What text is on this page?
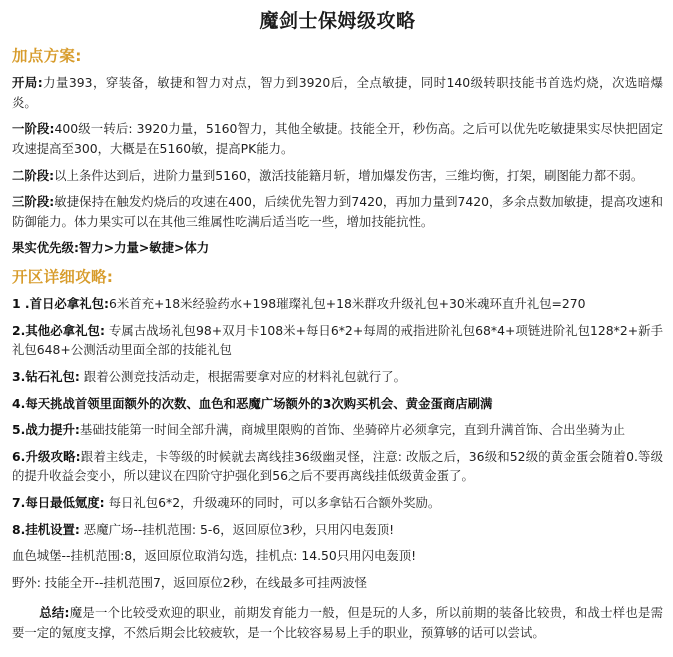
魔剑士保姆级攻略
加点方案:

开局:力量393，穿装备，敏捷和智力对点，智力到3920后，全点敏捷，同时140级转职技能书首选灼烧，次选暗爆炎。

一阶段:400级一转后: 3920力量，5160智力，其他全敏捷。技能全开，秒伤高。之后可以优先吃敏捷果实尽快把固定攻速提高至300，大概是在5160敏，提高PK能力。

二阶段:以上条件达到后，进阶力量到5160，激活技能籍月斩，增加爆发伤害，三维均衡，打架，刷图能力都不弱。

三阶段:敏捷保持在触发灼烧后的攻速在400，后续优先智力到7420，再加力量到7420，多余点数加敏捷，提高攻速和防御能力。体力果实可以在其他三维属性吃满后适当吃一些，增加技能抗性。

果实优先级:智力>力量>敏捷>体力

开区详细攻略:

1 .首日必拿礼包:6米首充+18米经验药水+198璀璨礼包+18米群攻升级礼包+30米魂环直升礼包=270

2.其他必拿礼包: 专属古战场礼包98+双月卡108米+每日6*2+每周的戒指进阶礼包68*4+项链进阶礼包128*2+新手礼包648+公测活动里面全部的技能礼包

3.钻石礼包: 跟着公测竞技活动走，根据需要拿对应的材料礼包就行了。

4.每天挑战首领里面额外的次数、血色和恶魔广场额外的3次购买机会、黄金蛋商店刷满

5.战力提升:基础技能第一时间全部升满，商城里限购的首饰、坐骑碎片必须拿完，直到升满首饰、合出坐骑为止

6.升级攻略:跟着主线走，卡等级的时候就去离线挂36级幽灵怪，注意: 改版之后，36级和52级的黄金蛋会随着0.等级的提升收益会变小，所以建议在四阶守护强化到56之后不要再离线挂低级黄金蛋了。

7.每日最低氪度: 每日礼包6*2，升级魂环的同时，可以多拿钻石合额外奖励。

8.挂机设置: 恶魔广场--挂机范围: 5-6，返回原位3秒，只用闪电轰顶!

血色城堡--挂机范围:8，返回原位取消勾选，挂机点: 14.50只用闪电轰顶!

野外: 技能全开--挂机范围7，返回原位2秒，在线最多可挂两波怪

总结:魔是一个比较受欢迎的职业，前期发育能力一般，但是玩的人多，所以前期的装备比较贵，和战士样也是需要一定的氪度支撑，不然后期会比较疲软，是一个比较容易易上手的职业，预算够的话可以尝试。
